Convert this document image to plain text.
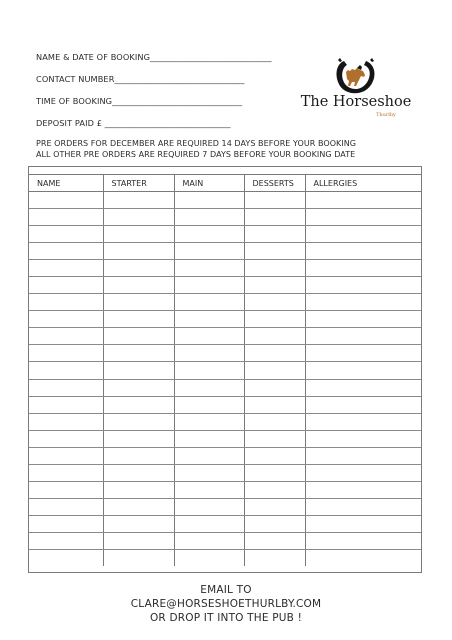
NAME & DATE OF BOOKING_____________________________
CONTACT NUMBER_______________________________
TIME OF BOOKING_______________________________
DEPOSIT PAID £ ______________________________
The Horseshoe
Thurlby
PRE ORDERS FOR DECEMBER ARE REQUIRED 14 DAYS BEFORE YOUR BOOKING
ALL OTHER PRE ORDERS ARE REQUIRED 7 DAYS BEFORE YOUR BOOKING DATE
NAME	STARTER	MAIN	DESSERTS	ALLERGIES

EMAIL TO
CLARE@HORSESHOETHURLBY.COM
OR DROP IT INTO THE PUB !
